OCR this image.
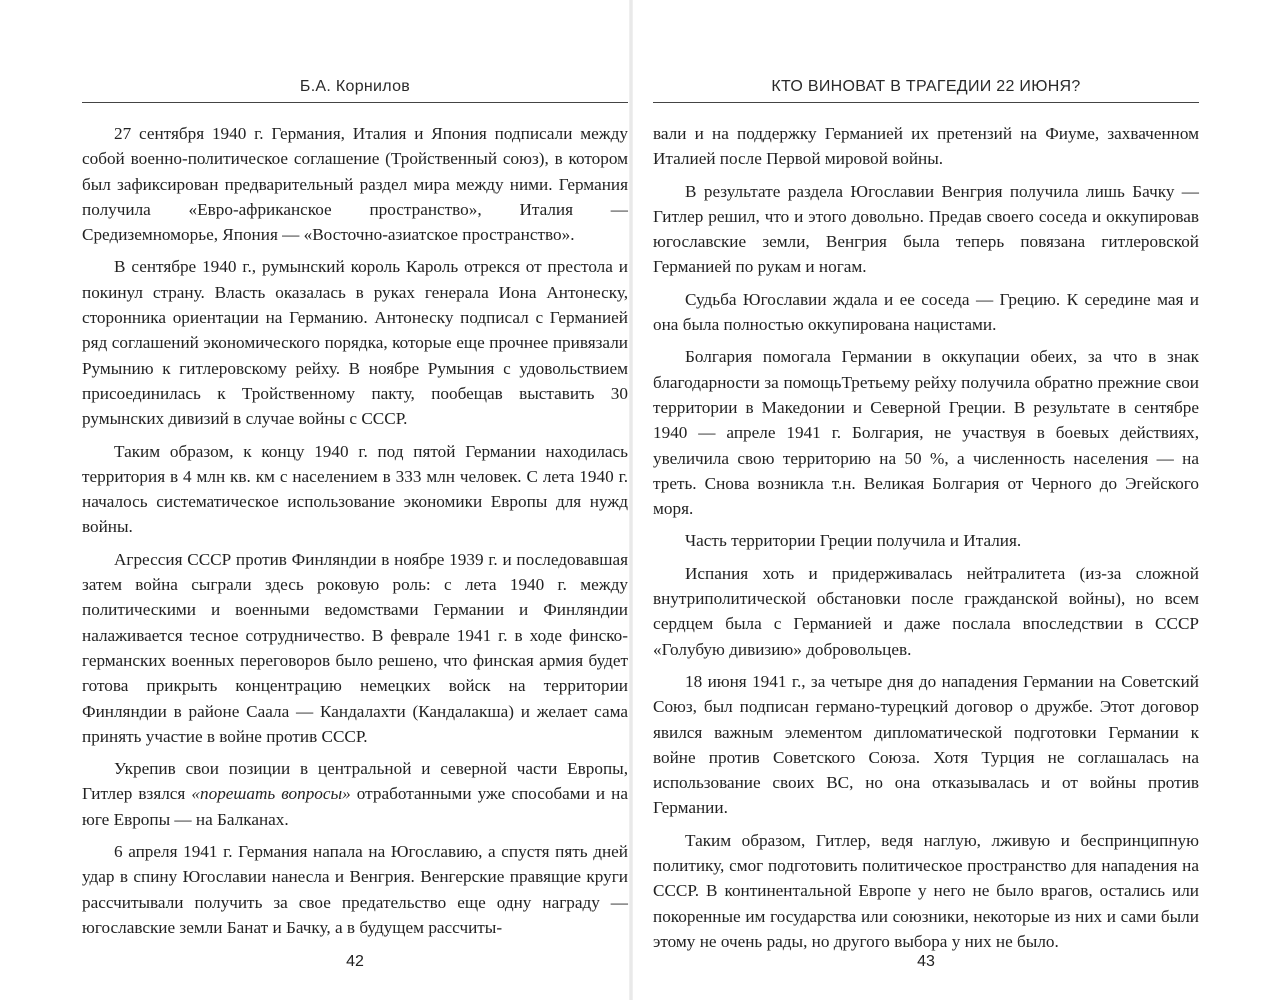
Б.А. Корнилов

27 сентября 1940 г. Германия, Италия и Япония подписали между собой военно-политическое соглашение (Тройственный союз), в котором был зафиксирован предварительный раздел мира между ними. Германия получила «Евро-африканское пространство», Италия — Средиземноморье, Япония — «Восточно-азиатское пространство».

В сентябре 1940 г., румынский король Кароль отрекся от престола и покинул страну. Власть оказалась в руках генерала Иона Антонеску, сторонника ориентации на Германию. Антонеску подписал с Германией ряд соглашений экономического порядка, которые еще прочнее привязали Румынию к гитлеровскому рейху. В ноябре Румыния с удовольствием присоединилась к Тройственному пакту, пообещав выставить 30 румынских дивизий в случае войны с СССР.

Таким образом, к концу 1940 г. под пятой Германии находилась территория в 4 млн кв. км с населением в 333 млн человек. С лета 1940 г. началось систематическое использование экономики Европы для нужд войны.

Агрессия СССР против Финляндии в ноябре 1939 г. и последовавшая затем война сыграли здесь роковую роль: с лета 1940 г. между политическими и военными ведомствами Германии и Финляндии налаживается тесное сотрудничество. В феврале 1941 г. в ходе финско-германских военных переговоров было решено, что финская армия будет готова прикрыть концентрацию немецких войск на территории Финляндии в районе Саала — Кандалахти (Кандалакша) и желает сама принять участие в войне против СССР.

Укрепив свои позиции в центральной и северной части Европы, Гитлер взялся «порешать вопросы» отработанными уже способами и на юге Европы — на Балканах.

6 апреля 1941 г. Германия напала на Югославию, а спустя пять дней удар в спину Югославии нанесла и Венгрия. Венгерские правящие круги рассчитывали получить за свое предательство еще одну награду — югославские земли Банат и Бачку, а в будущем рассчиты-

42
КТО ВИНОВАТ В ТРАГЕДИИ 22 ИЮНЯ?

вали и на поддержку Германией их претензий на Фиуме, захваченном Италией после Первой мировой войны.

В результате раздела Югославии Венгрия получила лишь Бачку — Гитлер решил, что и этого довольно. Предав своего соседа и оккупировав югославские земли, Венгрия была теперь повязана гитлеровской Германией по рукам и ногам.

Судьба Югославии ждала и ее соседа — Грецию. К середине мая и она была полностью оккупирована нацистами.

Болгария помогала Германии в оккупации обеих, за что в знак благодарности за помощьТретьему рейху получила обратно прежние свои территории в Македонии и Северной Греции. В результате в сентябре 1940 — апреле 1941 г. Болгария, не участвуя в боевых действиях, увеличила свою территорию на 50 %, а численность населения — на треть. Снова возникла т.н. Великая Болгария от Черного до Эгейского моря.

Часть территории Греции получила и Италия.

Испания хоть и придерживалась нейтралитета (из-за сложной внутриполитической обстановки после гражданской войны), но всем сердцем была с Германией и даже послала впоследствии в СССР «Голубую дивизию» добровольцев.

18 июня 1941 г., за четыре дня до нападения Германии на Советский Союз, был подписан германо-турецкий договор о дружбе. Этот договор явился важным элементом дипломатической подготовки Германии к войне против Советского Союза. Хотя Турция не соглашалась на использование своих ВС, но она отказывалась и от войны против Германии.

Таким образом, Гитлер, ведя наглую, лживую и беспринципную политику, смог подготовить политическое пространство для нападения на СССР. В континентальной Европе у него не было врагов, остались или покоренные им государства или союзники, некоторые из них и сами были этому не очень рады, но другого выбора у них не было.

43
